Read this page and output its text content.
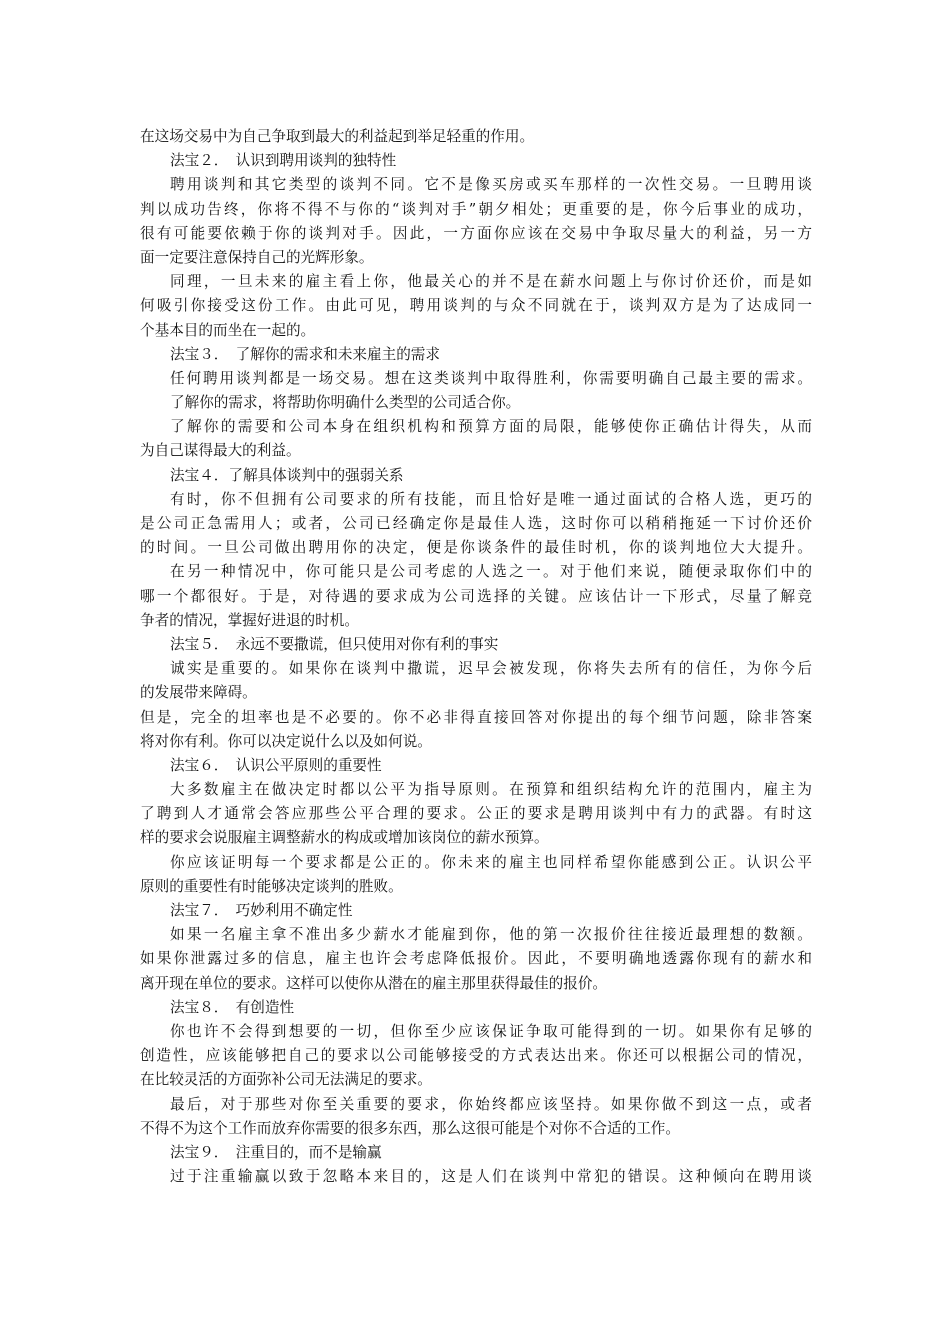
在这场交易中为自己争取到最大的利益起到举足轻重的作用。
法宝２．　认识到聘用谈判的独特性
聘用谈判和其它类型的谈判不同。它不是像买房或买车那样的一次性交易。一旦聘用谈
判以成功告终，你将不得不与你的“谈判对手”朝夕相处；更重要的是，你今后事业的成功，
很有可能要依赖于你的谈判对手。因此，一方面你应该在交易中争取尽量大的利益，另一方
面一定要注意保持自己的光辉形象。
同理，一旦未来的雇主看上你，他最关心的并不是在薪水问题上与你讨价还价，而是如
何吸引你接受这份工作。由此可见，聘用谈判的与众不同就在于，谈判双方是为了达成同一
个基本目的而坐在一起的。
法宝３．　了解你的需求和未来雇主的需求
任何聘用谈判都是一场交易。想在这类谈判中取得胜利，你需要明确自己最主要的需求。
了解你的需求，将帮助你明确什么类型的公司适合你。
了解你的需要和公司本身在组织机构和预算方面的局限，能够使你正确估计得失，从而
为自己谋得最大的利益。
法宝４．了解具体谈判中的强弱关系
有时，你不但拥有公司要求的所有技能，而且恰好是唯一通过面试的合格人选，更巧的
是公司正急需用人；或者，公司已经确定你是最佳人选，这时你可以稍稍拖延一下讨价还价
的时间。一旦公司做出聘用你的决定，便是你谈条件的最佳时机，你的谈判地位大大提升。
在另一种情况中，你可能只是公司考虑的人选之一。对于他们来说，随便录取你们中的
哪一个都很好。于是，对待遇的要求成为公司选择的关键。应该估计一下形式，尽量了解竞
争者的情况，掌握好进退的时机。
法宝５．　永远不要撒谎，但只使用对你有利的事实
诚实是重要的。如果你在谈判中撒谎，迟早会被发现，你将失去所有的信任，为你今后
的发展带来障碍。
但是，完全的坦率也是不必要的。你不必非得直接回答对你提出的每个细节问题，除非答案
将对你有利。你可以决定说什么以及如何说。
法宝６．　认识公平原则的重要性
大多数雇主在做决定时都以公平为指导原则。在预算和组织结构允许的范围内，雇主为
了聘到人才通常会答应那些公平合理的要求。公正的要求是聘用谈判中有力的武器。有时这
样的要求会说服雇主调整薪水的构成或增加该岗位的薪水预算。
你应该证明每一个要求都是公正的。你未来的雇主也同样希望你能感到公正。认识公平
原则的重要性有时能够决定谈判的胜败。
法宝７．　巧妙利用不确定性
如果一名雇主拿不准出多少薪水才能雇到你，他的第一次报价往往接近最理想的数额。
如果你泄露过多的信息，雇主也许会考虑降低报价。因此，不要明确地透露你现有的薪水和
离开现在单位的要求。这样可以使你从潜在的雇主那里获得最佳的报价。
法宝８．　有创造性
你也许不会得到想要的一切，但你至少应该保证争取可能得到的一切。如果你有足够的
创造性，应该能够把自己的要求以公司能够接受的方式表达出来。你还可以根据公司的情况，
在比较灵活的方面弥补公司无法满足的要求。
最后，对于那些对你至关重要的要求，你始终都应该坚持。如果你做不到这一点，或者
不得不为这个工作而放弃你需要的很多东西，那么这很可能是个对你不合适的工作。
法宝９．　注重目的，而不是输赢
过于注重输赢以致于忽略本来目的，这是人们在谈判中常犯的错误。这种倾向在聘用谈
